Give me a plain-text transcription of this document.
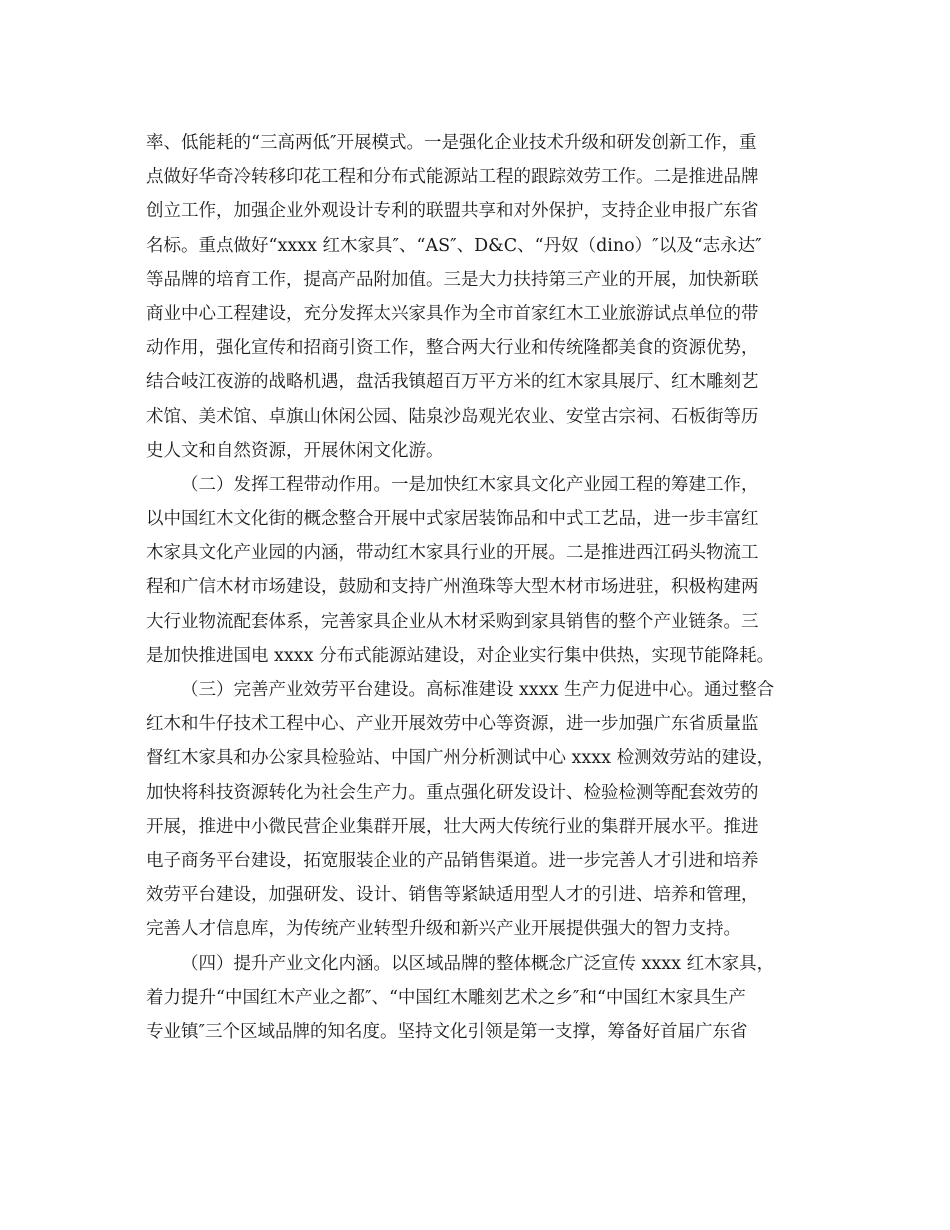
率、低能耗的“三高两低″开展模式。一是强化企业技术升级和研发创新工作，重
点做好华奇冷转移印花工程和分布式能源站工程的跟踪效劳工作。二是推进品牌
创立工作，加强企业外观设计专利的联盟共享和对外保护，支持企业申报广东省
名标。重点做好“xxxx 红木家具″、“AS″、D&C、“丹奴（dino）″以及“志永达″
等品牌的培育工作，提高产品附加值。三是大力扶持第三产业的开展，加快新联
商业中心工程建设，充分发挥太兴家具作为全市首家红木工业旅游试点单位的带
动作用，强化宣传和招商引资工作，整合两大行业和传统隆都美食的资源优势，
结合岐江夜游的战略机遇，盘活我镇超百万平方米的红木家具展厅、红木雕刻艺
术馆、美术馆、卓旗山休闲公园、陆泉沙岛观光农业、安堂古宗祠、石板街等历
史人文和自然资源，开展休闲文化游。
（二）发挥工程带动作用。一是加快红木家具文化产业园工程的筹建工作，
以中国红木文化街的概念整合开展中式家居装饰品和中式工艺品，进一步丰富红
木家具文化产业园的内涵，带动红木家具行业的开展。二是推进西江码头物流工
程和广信木材市场建设，鼓励和支持广州渔珠等大型木材市场进驻，积极构建两
大行业物流配套体系，完善家具企业从木材采购到家具销售的整个产业链条。三
是加快推进国电 xxxx 分布式能源站建设，对企业实行集中供热，实现节能降耗。
（三）完善产业效劳平台建设。高标准建设 xxxx 生产力促进中心。通过整合
红木和牛仔技术工程中心、产业开展效劳中心等资源，进一步加强广东省质量监
督红木家具和办公家具检验站、中国广州分析测试中心 xxxx 检测效劳站的建设，
加快将科技资源转化为社会生产力。重点强化研发设计、检验检测等配套效劳的
开展，推进中小微民营企业集群开展，壮大两大传统行业的集群开展水平。推进
电子商务平台建设，拓宽服装企业的产品销售渠道。进一步完善人才引进和培养
效劳平台建设，加强研发、设计、销售等紧缺适用型人才的引进、培养和管理，
完善人才信息库，为传统产业转型升级和新兴产业开展提供强大的智力支持。
（四）提升产业文化内涵。以区域品牌的整体概念广泛宣传 xxxx 红木家具，
着力提升“中国红木产业之都″、“中国红木雕刻艺术之乡″和“中国红木家具生产
专业镇″三个区域品牌的知名度。坚持文化引领是第一支撑，筹备好首届广东省
